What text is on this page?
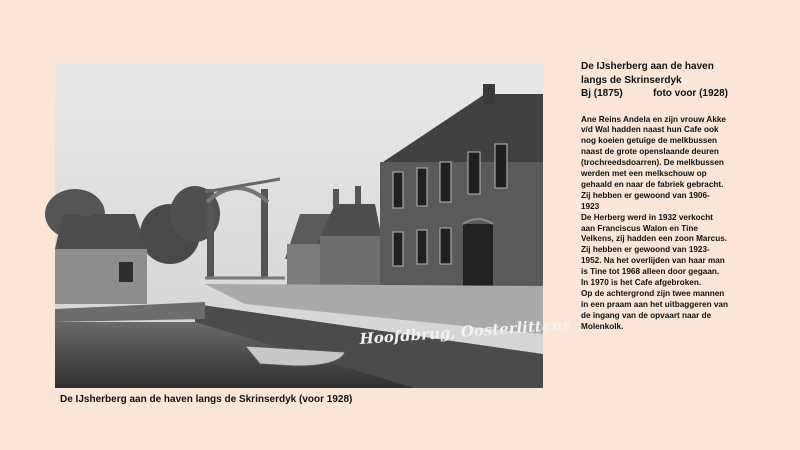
Hoofdbrug, Oosterlittens
De IJsherberg aan de haven langs de Skrinserdyk (voor 1928)
De IJsherberg aan de haven
langs de Skrinserdyk
Bj (1875)	foto voor (1928)
Ane Reins Andela en zijn vrouw Akke
v/d Wal hadden naast hun Cafe ook
nog koeien getuige de melkbussen
naast de grote openslaande deuren
(trochreedsdoarren). De melkbussen
werden met een melkschouw op
gehaald en naar de fabriek gebracht.
Zij hebben er gewoond van 1906-
1923
De Herberg werd in 1932 verkocht
aan Franciscus Walon en Tine
Velkens, zij hadden een zoon Marcus.
Zij hebben er gewoond van 1923-
1952. Na het overlijden van haar man
is Tine tot 1968 alleen door gegaan.
In 1970 is het Cafe afgebroken.
Op de achtergrond zijn twee mannen
in een praam aan het uitbaggeren van
de ingang van de opvaart naar de
Molenkolk.
